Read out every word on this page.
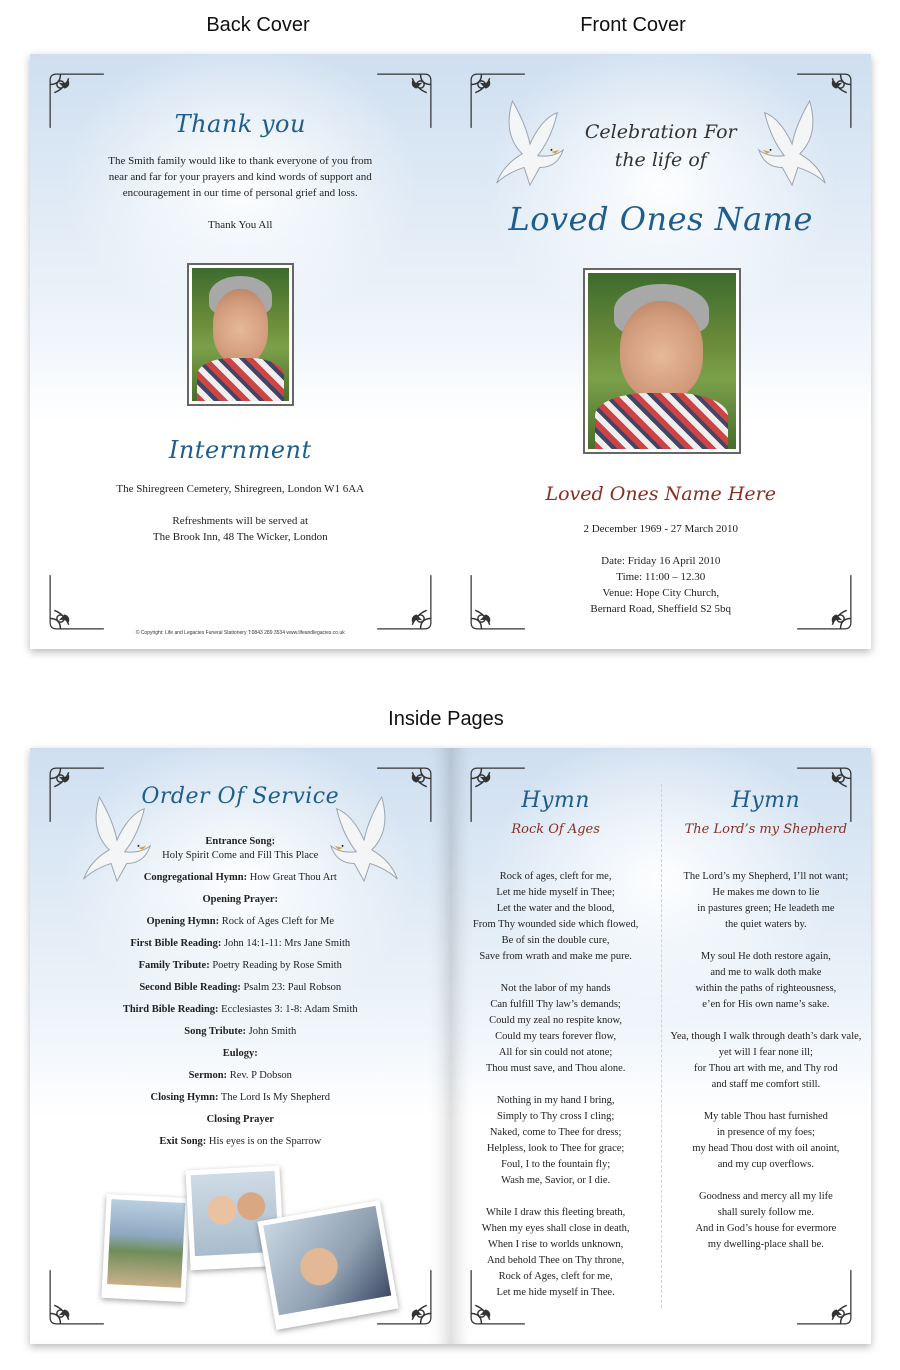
Back Cover	Front Cover
Inside Pages
Thank you
The Smith family would like to thank everyone of you from
near and far for your prayers and kind words of support and
encouragement in our time of personal grief and loss.
Thank You All
Internment
The Shiregreen Cemetery, Shiregreen, London W1 6AA
Refreshments will be served at
The Brook Inn, 48 The Wicker, London
© Copyright: Life and Legacies Funeral Stationery T:0843 289 3534 www.lifeandlegacies.co.uk
Celebration For
the life of
Loved Ones Name
Loved Ones Name Here
2 December 1969 - 27 March 2010
Date: Friday 16 April 2010
Time: 11:00 – 12.30
Venue: Hope City Church,
Bernard Road, Sheffield S2 5bq
Order Of Service
Entrance Song:
Holy Spirit Come and Fill This Place
Congregational Hymn: How Great Thou Art
Opening Prayer:
Opening Hymn: Rock of Ages Cleft for Me
First Bible Reading: John 14:1-11: Mrs Jane Smith
Family Tribute: Poetry Reading by Rose Smith
Second Bible Reading: Psalm 23: Paul Robson
Third Bible Reading: Ecclesiastes 3: 1-8: Adam Smith
Song Tribute: John Smith
Eulogy:
Sermon: Rev. P Dobson
Closing Hymn: The Lord Is My Shepherd
Closing Prayer
Exit Song: His eyes is on the Sparrow
Hymn
Rock Of Ages
Rock of ages, cleft for me,
Let me hide myself in Thee;
Let the water and the blood,
From Thy wounded side which flowed,
Be of sin the double cure,
Save from wrath and make me pure.
Not the labor of my hands
Can fulfill Thy law’s demands;
Could my zeal no respite know,
Could my tears forever flow,
All for sin could not atone;
Thou must save, and Thou alone.
Nothing in my hand I bring,
Simply to Thy cross I cling;
Naked, come to Thee for dress;
Helpless, look to Thee for grace;
Foul, I to the fountain fly;
Wash me, Savior, or I die.
While I draw this fleeting breath,
When my eyes shall close in death,
When I rise to worlds unknown,
And behold Thee on Thy throne,
Rock of Ages, cleft for me,
Let me hide myself in Thee.
Hymn
The Lord’s my Shepherd
The Lord’s my Shepherd, I’ll not want;
He makes me down to lie
in pastures green; He leadeth me
the quiet waters by.
My soul He doth restore again,
and me to walk doth make
within the paths of righteousness,
e’en for His own name’s sake.
Yea, though I walk through death’s dark vale,
yet will I fear none ill;
for Thou art with me, and Thy rod
and staff me comfort still.
My table Thou hast furnished
in presence of my foes;
my head Thou dost with oil anoint,
and my cup overflows.
Goodness and mercy all my life
shall surely follow me.
And in God’s house for evermore
my dwelling-place shall be.
